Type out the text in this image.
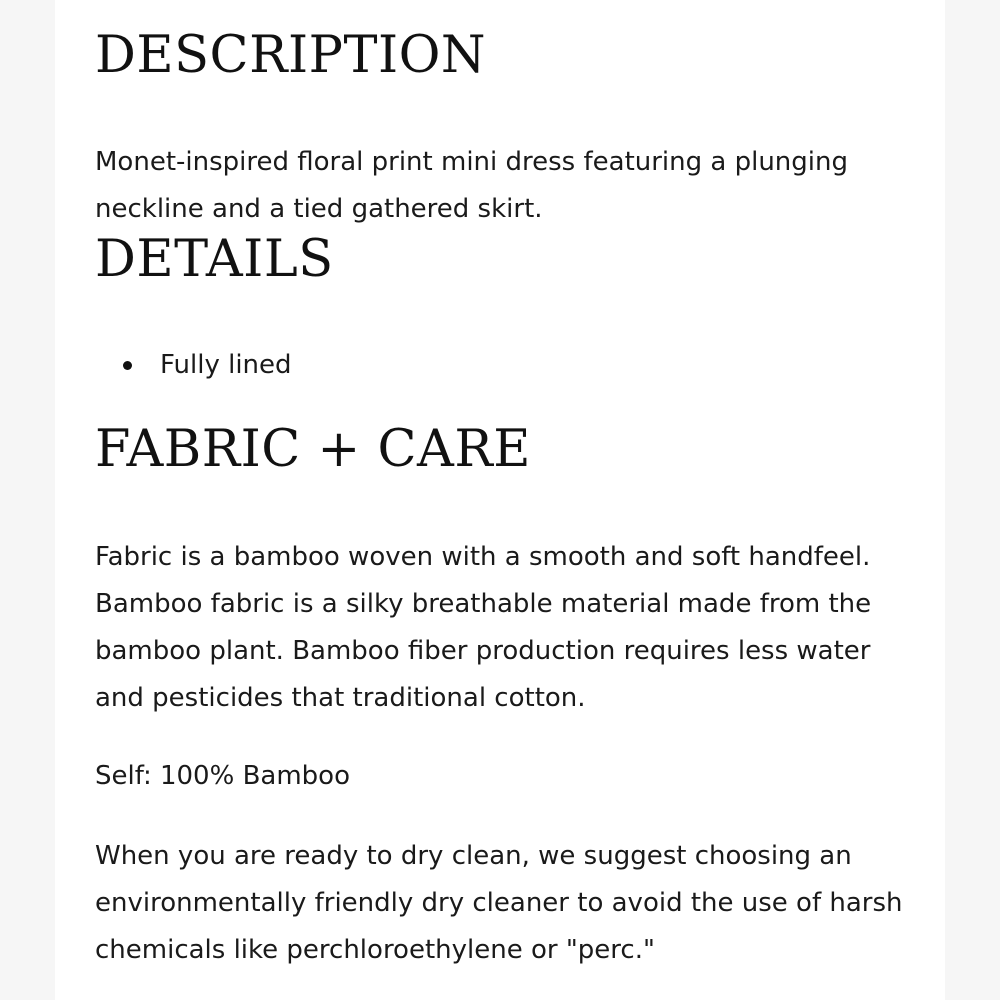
DESCRIPTION

Monet-inspired floral print mini dress featuring a plunging neckline and a tied gathered skirt.

DETAILS
Fully lined
FABRIC + CARE

Fabric is a bamboo woven with a smooth and soft handfeel. Bamboo fabric is a silky breathable material made from the bamboo plant. Bamboo fiber production requires less water and pesticides that traditional cotton.

Self: 100% Bamboo

When you are ready to dry clean, we suggest choosing an environmentally friendly dry cleaner to avoid the use of harsh chemicals like perchloroethylene or "perc."
